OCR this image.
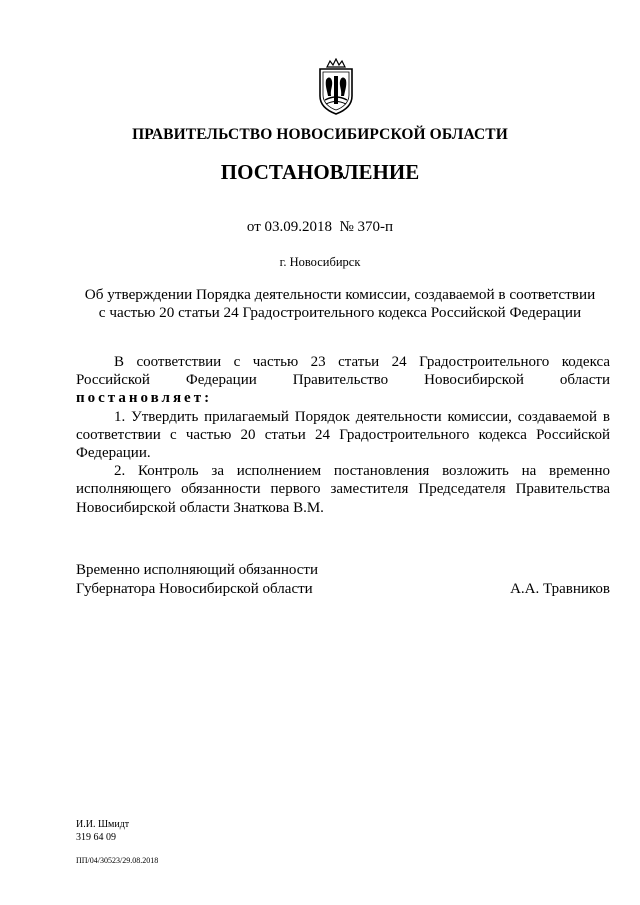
ПРАВИТЕЛЬСТВО НОВОСИБИРСКОЙ ОБЛАСТИ
ПОСТАНОВЛЕНИЕ
от 03.09.2018  № 370-п
г. Новосибирск
Об утверждении Порядка деятельности комиссии, создаваемой в соответствии
с частью 20 статьи 24 Градостроительного кодекса Российской Федерации

В соответствии с частью 23 статьи 24 Градостроительного кодекса Российской Федерации Правительство Новосибирской области постановляет:

1. Утвердить прилагаемый Порядок деятельности комиссии, создаваемой в соответствии с частью 20 статьи 24 Градостроительного кодекса Российской Федерации.

2. Контроль за исполнением постановления возложить на временно исполняющего обязанности первого заместителя Председателя Правительства Новосибирской области Знаткова В.М.

Временно исполняющий обязанности
Губернатора Новосибирской области	А.А. Травников
И.И. Шмидт
319 64 09
ПП/04/30523/29.08.2018
